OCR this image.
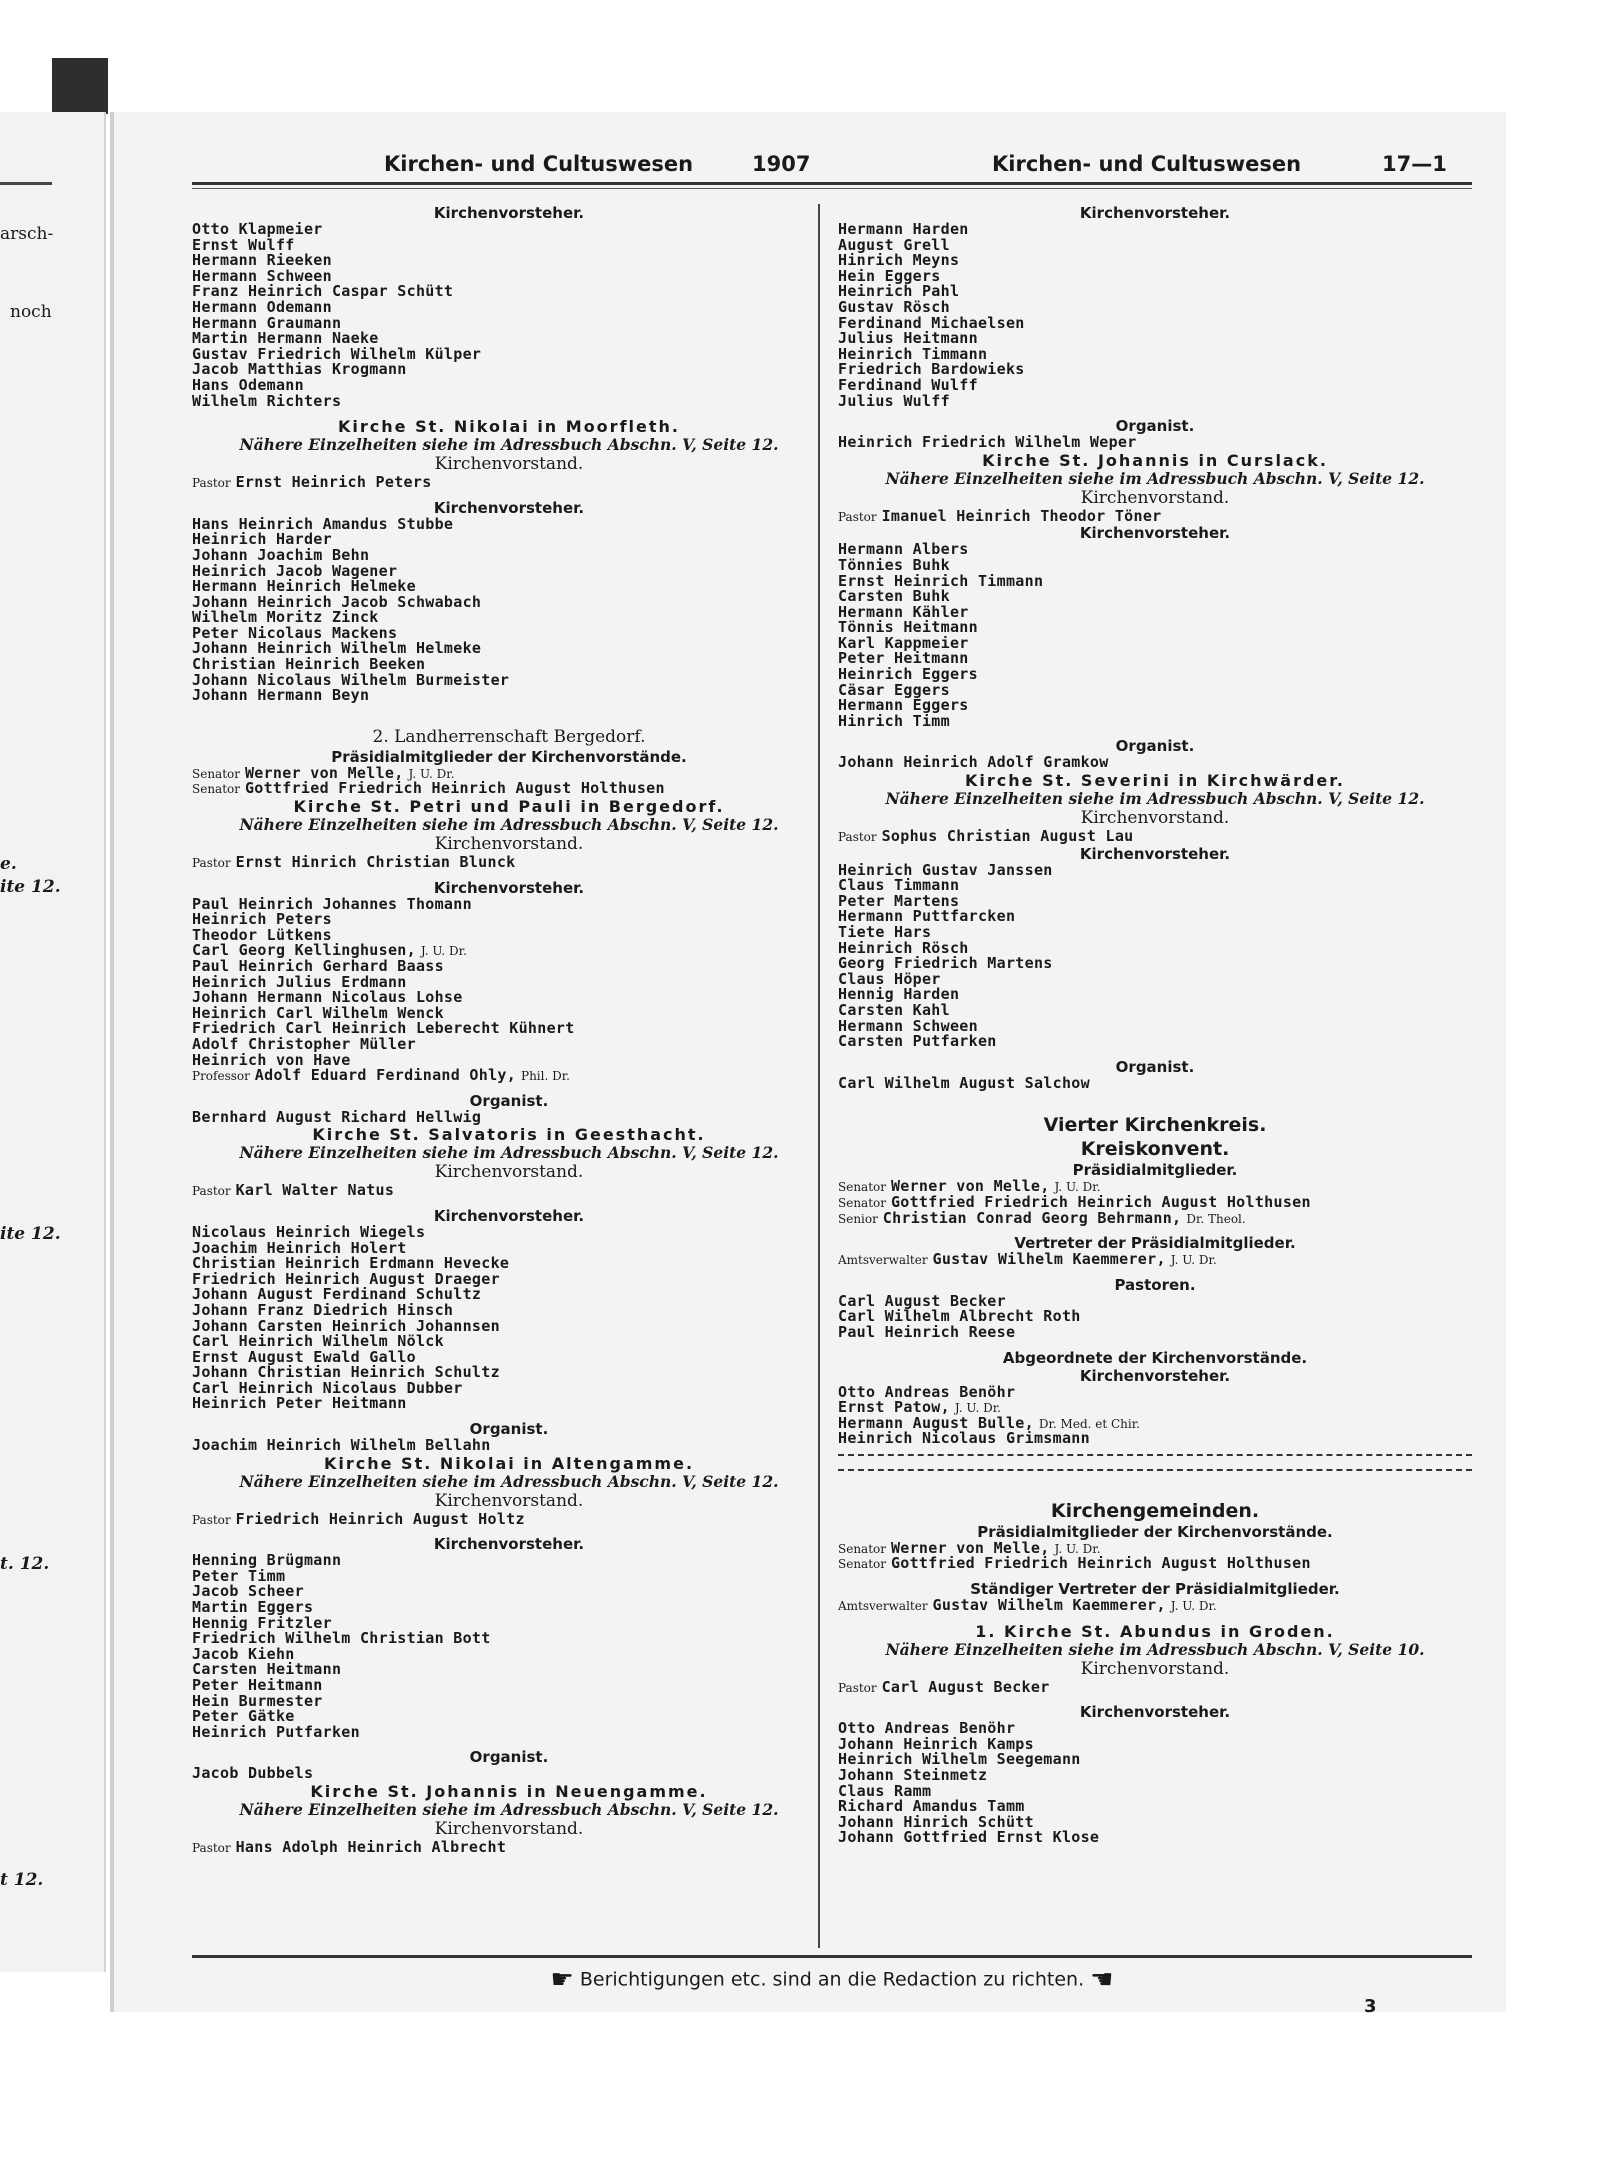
arsch-
noch
e.
ite 12.
ite 12.
t. 12.
t 12.
Kirchen- und Cultuswesen	1907	Kirchen- und Cultuswesen	17—1
Kirchenvorsteher.
Otto Klapmeier
Ernst Wulff
Hermann Rieeken
Hermann Schween
Franz Heinrich Caspar Schütt
Hermann Odemann
Hermann Graumann
Martin Hermann Naeke
Gustav Friedrich Wilhelm Külper
Jacob Matthias Krogmann
Hans Odemann
Wilhelm Richters
Kirche St. Nikolai in Moorfleth.
Nähere Einzelheiten siehe im Adressbuch Abschn. V, Seite 12.
Kirchenvorstand.
Pastor Ernst Heinrich Peters
Kirchenvorsteher.
Hans Heinrich Amandus Stubbe
Heinrich Harder
Johann Joachim Behn
Heinrich Jacob Wagener
Hermann Heinrich Helmeke
Johann Heinrich Jacob Schwabach
Wilhelm Moritz Zinck
Peter Nicolaus Mackens
Johann Heinrich Wilhelm Helmeke
Christian Heinrich Beeken
Johann Nicolaus Wilhelm Burmeister
Johann Hermann Beyn
2. Landherrenschaft Bergedorf.
Präsidialmitglieder der Kirchenvorstände.
Senator Werner von Melle, J. U. Dr.
Senator Gottfried Friedrich Heinrich August Holthusen
Kirche St. Petri und Pauli in Bergedorf.
Nähere Einzelheiten siehe im Adressbuch Abschn. V, Seite 12.
Kirchenvorstand.
Pastor Ernst Hinrich Christian Blunck
Kirchenvorsteher.
Paul Heinrich Johannes Thomann
Heinrich Peters
Theodor Lütkens
Carl Georg Kellinghusen, J. U. Dr.
Paul Heinrich Gerhard Baass
Heinrich Julius Erdmann
Johann Hermann Nicolaus Lohse
Heinrich Carl Wilhelm Wenck
Friedrich Carl Heinrich Leberecht Kühnert
Adolf Christopher Müller
Heinrich von Have
Professor Adolf Eduard Ferdinand Ohly, Phil. Dr.
Organist.
Bernhard August Richard Hellwig
Kirche St. Salvatoris in Geesthacht.
Nähere Einzelheiten siehe im Adressbuch Abschn. V, Seite 12.
Kirchenvorstand.
Pastor Karl Walter Natus
Kirchenvorsteher.
Nicolaus Heinrich Wiegels
Joachim Heinrich Holert
Christian Heinrich Erdmann Hevecke
Friedrich Heinrich August Draeger
Johann August Ferdinand Schultz
Johann Franz Diedrich Hinsch
Johann Carsten Heinrich Johannsen
Carl Heinrich Wilhelm Nölck
Ernst August Ewald Gallo
Johann Christian Heinrich Schultz
Carl Heinrich Nicolaus Dubber
Heinrich Peter Heitmann
Organist.
Joachim Heinrich Wilhelm Bellahn
Kirche St. Nikolai in Altengamme.
Nähere Einzelheiten siehe im Adressbuch Abschn. V, Seite 12.
Kirchenvorstand.
Pastor Friedrich Heinrich August Holtz
Kirchenvorsteher.
Henning Brügmann
Peter Timm
Jacob Scheer
Martin Eggers
Hennig Fritzler
Friedrich Wilhelm Christian Bott
Jacob Kiehn
Carsten Heitmann
Peter Heitmann
Hein Burmester
Peter Gätke
Heinrich Putfarken
Organist.
Jacob Dubbels
Kirche St. Johannis in Neuengamme.
Nähere Einzelheiten siehe im Adressbuch Abschn. V, Seite 12.
Kirchenvorstand.
Pastor Hans Adolph Heinrich Albrecht
Kirchenvorsteher.
Hermann Harden
August Grell
Hinrich Meyns
Hein Eggers
Heinrich Pahl
Gustav Rösch
Ferdinand Michaelsen
Julius Heitmann
Heinrich Timmann
Friedrich Bardowieks
Ferdinand Wulff
Julius Wulff
Organist.
Heinrich Friedrich Wilhelm Weper
Kirche St. Johannis in Curslack.
Nähere Einzelheiten siehe im Adressbuch Abschn. V, Seite 12.
Kirchenvorstand.
Pastor Imanuel Heinrich Theodor Töner
Kirchenvorsteher.
Hermann Albers
Tönnies Buhk
Ernst Heinrich Timmann
Carsten Buhk
Hermann Kähler
Tönnis Heitmann
Karl Kappmeier
Peter Heitmann
Heinrich Eggers
Cäsar Eggers
Hermann Eggers
Hinrich Timm
Organist.
Johann Heinrich Adolf Gramkow
Kirche St. Severini in Kirchwärder.
Nähere Einzelheiten siehe im Adressbuch Abschn. V, Seite 12.
Kirchenvorstand.
Pastor Sophus Christian August Lau
Kirchenvorsteher.
Heinrich Gustav Janssen
Claus Timmann
Peter Martens
Hermann Puttfarcken
Tiete Hars
Heinrich Rösch
Georg Friedrich Martens
Claus Höper
Hennig Harden
Carsten Kahl
Hermann Schween
Carsten Putfarken
Organist.
Carl Wilhelm August Salchow
Vierter Kirchenkreis.
Kreiskonvent.
Präsidialmitglieder.
Senator Werner von Melle, J. U. Dr.
Senator Gottfried Friedrich Heinrich August Holthusen
Senior Christian Conrad Georg Behrmann, Dr. Theol.
Vertreter der Präsidialmitglieder.
Amtsverwalter Gustav Wilhelm Kaemmerer, J. U. Dr.
Pastoren.
Carl August Becker
Carl Wilhelm Albrecht Roth
Paul Heinrich Reese
Abgeordnete der Kirchenvorstände.
Kirchenvorsteher.
Otto Andreas Benöhr
Ernst Patow, J. U. Dr.
Hermann August Bulle, Dr. Med. et Chir.
Heinrich Nicolaus Grimsmann
Kirchengemeinden.
Präsidialmitglieder der Kirchenvorstände.
Senator Werner von Melle, J. U. Dr.
Senator Gottfried Friedrich Heinrich August Holthusen
Ständiger Vertreter der Präsidialmitglieder.
Amtsverwalter Gustav Wilhelm Kaemmerer, J. U. Dr.
1. Kirche St. Abundus in Groden.
Nähere Einzelheiten siehe im Adressbuch Abschn. V, Seite 10.
Kirchenvorstand.
Pastor Carl August Becker
Kirchenvorsteher.
Otto Andreas Benöhr
Johann Heinrich Kamps
Heinrich Wilhelm Seegemann
Johann Steinmetz
Claus Ramm
Richard Amandus Tamm
Johann Hinrich Schütt
Johann Gottfried Ernst Klose
☛ Berichtigungen etc. sind an die Redaction zu richten. ☚
3
